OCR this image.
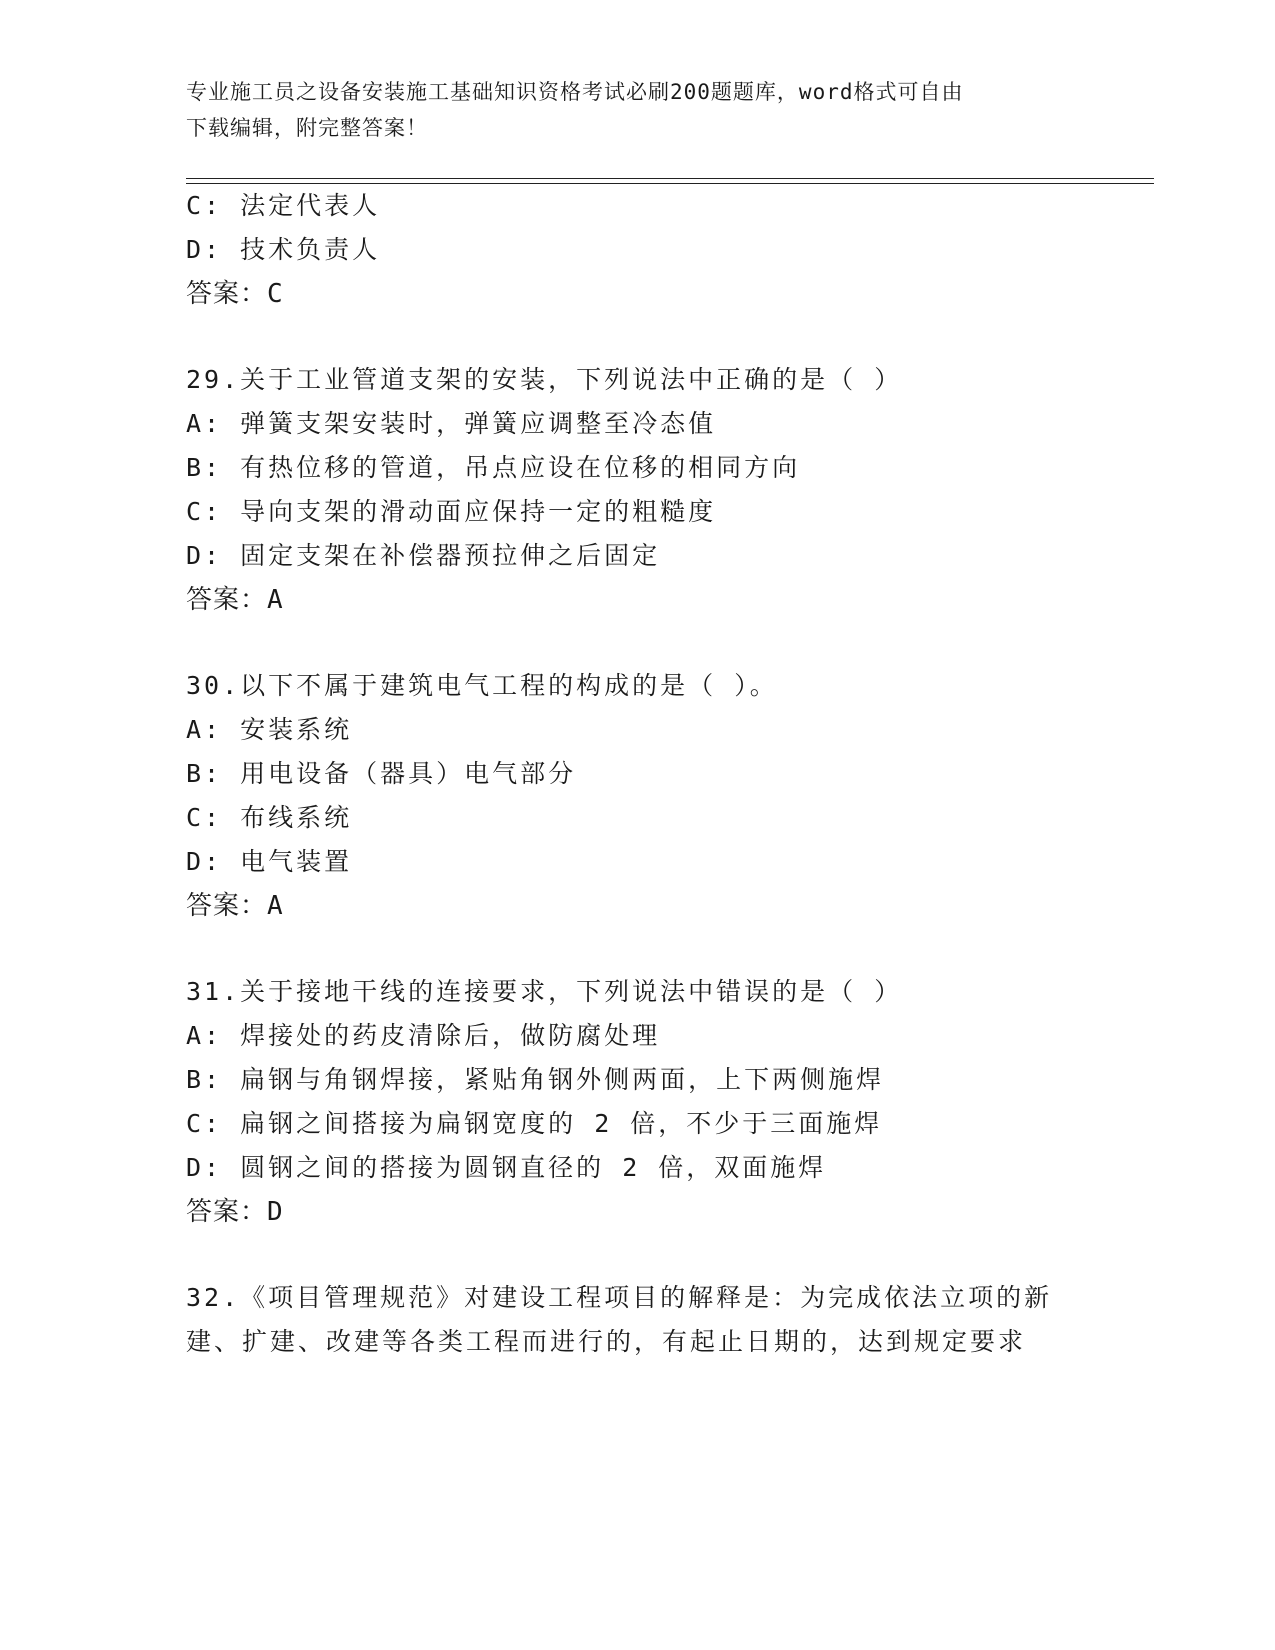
专业施工员之设备安装施工基础知识资格考试必刷200题题库，word格式可自由
下载编辑，附完整答案！
C: 法定代表人
D: 技术负责人
答案：C
29.关于工业管道支架的安装，下列说法中正确的是（ ）
A: 弹簧支架安装时，弹簧应调整至冷态值
B: 有热位移的管道，吊点应设在位移的相同方向
C: 导向支架的滑动面应保持一定的粗糙度
D: 固定支架在补偿器预拉伸之后固定
答案：A
30.以下不属于建筑电气工程的构成的是（ ）。
A: 安装系统
B: 用电设备（器具）电气部分
C: 布线系统
D: 电气装置
答案：A
31.关于接地干线的连接要求，下列说法中错误的是（ ）
A: 焊接处的药皮清除后，做防腐处理
B: 扁钢与角钢焊接，紧贴角钢外侧两面，上下两侧施焊
C: 扁钢之间搭接为扁钢宽度的 2 倍，不少于三面施焊
D: 圆钢之间的搭接为圆钢直径的 2 倍，双面施焊
答案：D
32.《项目管理规范》对建设工程项目的解释是：为完成依法立项的新
建、扩建、改建等各类工程而进行的，有起止日期的，达到规定要求
